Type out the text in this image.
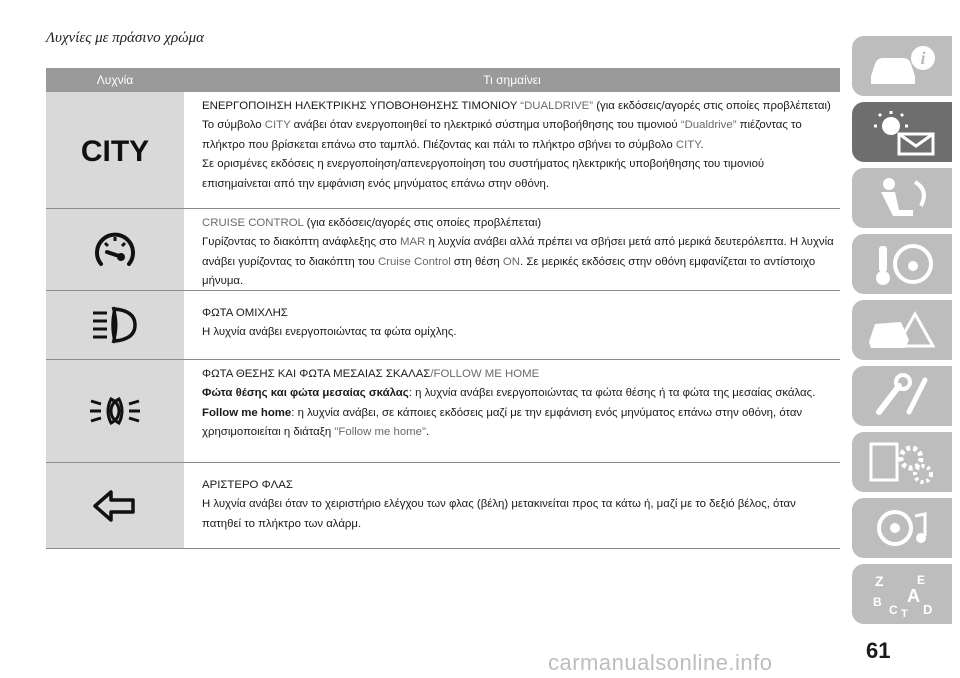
Λυχνίες με πράσινο χρώμα
Λυχνία	Τι σημαίνει
CITY
ΕΝΕΡΓΟΠΟΙΗΣΗ ΗΛΕΚΤΡΙΚΗΣ ΥΠΟΒΟΗΘΗΣΗΣ ΤΙΜΟΝΙΟΥ “DUALDRIVE” (για εκδόσεις/αγορές στις οποίες προβλέπεται)
Το σύμβολο CITY ανάβει όταν ενεργοποιηθεί το ηλεκτρικό σύστημα υποβοήθησης του τιμονιού “Dualdrive” πιέζοντας το πλήκτρο που βρίσκεται επάνω στο ταμπλό. Πιέζοντας και πάλι το πλήκτρο σβήνει το σύμβολο CITY.
Σε ορισμένες εκδόσεις η ενεργοποίηση/απενεργοποίηση του συστήματος ηλεκτρικής υποβοήθησης του τιμονιού επισημαίνεται από την εμφάνιση ενός μηνύματος επάνω στην οθόνη.
CRUISE CONTROL (για εκδόσεις/αγορές στις οποίες προβλέπεται)
Γυρίζοντας το διακόπτη ανάφλεξης στο MAR η λυχνία ανάβει αλλά πρέπει να σβήσει μετά από μερικά δευτερόλεπτα. Η λυχνία ανάβει γυρίζοντας το διακόπτη του Cruise Control στη θέση ON. Σε μερικές εκδόσεις στην οθόνη εμφανίζεται το αντίστοιχο μήνυμα.
ΦΩΤΑ ΟΜΙΧΛΗΣ
Η λυχνία ανάβει ενεργοποιώντας τα φώτα ομίχλης.
ΦΩΤΑ ΘΕΣΗΣ ΚΑΙ ΦΩΤΑ ΜΕΣΑΙΑΣ ΣΚΑΛΑΣ/FOLLOW ME HOME
Φώτα θέσης και φώτα μεσαίας σκάλας: η λυχνία ανάβει ενεργοποιώντας τα φώτα θέσης ή τα φώτα της μεσαίας σκάλας.
Follow me home: η λυχνία ανάβει, σε κάποιες εκδόσεις μαζί με την εμφάνιση ενός μηνύματος επάνω στην οθόνη, όταν χρησιμοποιείται η διάταξη "Follow me home".
ΑΡΙΣΤΕΡΟ ΦΛΑΣ
Η λυχνία ανάβει όταν το χειριστήριο ελέγχου των φλας (βέλη) μετακινείται προς τα κάτω ή, μαζί με το δεξιό βέλος, όταν πατηθεί το πλήκτρο των αλάρμ.
i
Z	E
B A
C D
T
61
carmanualsonline.info
